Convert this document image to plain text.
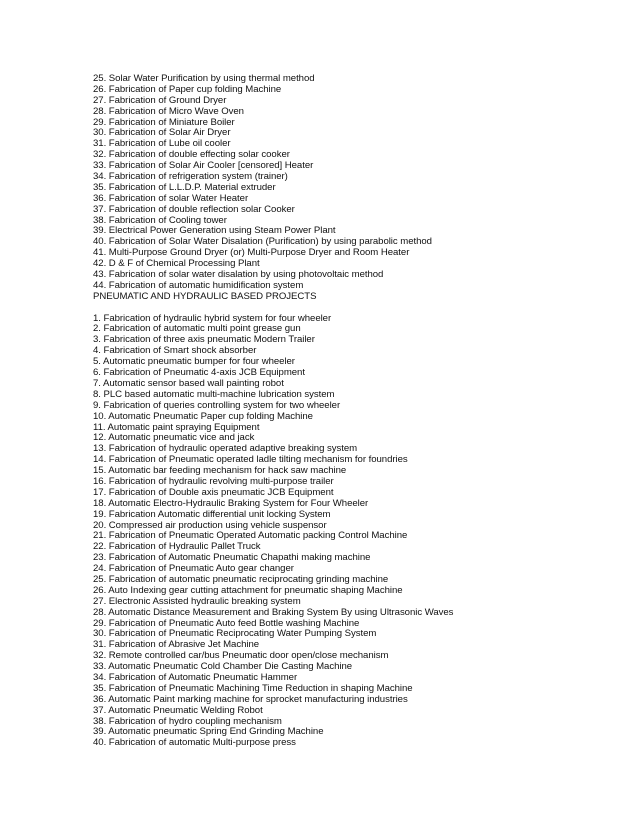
25. Solar Water Purification by using thermal method
26. Fabrication of Paper cup folding Machine
27. Fabrication of Ground Dryer
28. Fabrication of Micro Wave Oven
29. Fabrication of Miniature Boiler
30. Fabrication of Solar Air Dryer
31. Fabrication of Lube oil cooler
32. Fabrication of double effecting solar cooker
33. Fabrication of Solar Air Cooler [censored] Heater
34. Fabrication of refrigeration system (trainer)
35. Fabrication of L.L.D.P. Material extruder
36. Fabrication of solar Water Heater
37. Fabrication of double reflection solar Cooker
38. Fabrication of Cooling tower
39. Electrical Power Generation using Steam Power Plant
40. Fabrication of Solar Water Disalation (Purification) by using parabolic method
41. Multi-Purpose Ground Dryer (or) Multi-Purpose Dryer and Room Heater
42. D & F of Chemical Processing Plant
43. Fabrication of solar water disalation by using photovoltaic method
44. Fabrication of automatic humidification system
PNEUMATIC AND HYDRAULIC BASED PROJECTS
1. Fabrication of hydraulic hybrid system for four wheeler
2. Fabrication of automatic multi point grease gun
3. Fabrication of three axis pneumatic Modern Trailer
4. Fabrication of Smart shock absorber
5. Automatic pneumatic bumper for four wheeler
6. Fabrication of Pneumatic 4-axis JCB Equipment
7. Automatic sensor based wall painting robot
8. PLC based automatic multi-machine lubrication system
9. Fabrication of queries controlling system for two wheeler
10. Automatic Pneumatic Paper cup folding Machine
11. Automatic paint spraying Equipment
12. Automatic pneumatic vice and jack
13. Fabrication of hydraulic operated adaptive breaking system
14. Fabrication of Pneumatic operated ladle tilting mechanism for foundries
15. Automatic bar feeding mechanism for hack saw machine
16. Fabrication of hydraulic revolving multi-purpose trailer
17. Fabrication of Double axis pneumatic JCB Equipment
18. Automatic Electro-Hydraulic Braking System for Four Wheeler
19. Fabrication Automatic differential unit locking System
20. Compressed air production using vehicle suspensor
21. Fabrication of Pneumatic Operated Automatic packing Control Machine
22. Fabrication of Hydraulic Pallet Truck
23. Fabrication of Automatic Pneumatic Chapathi making machine
24. Fabrication of Pneumatic Auto gear changer
25. Fabrication of automatic pneumatic reciprocating grinding machine
26. Auto Indexing gear cutting attachment for pneumatic shaping Machine
27. Electronic Assisted hydraulic breaking system
28. Automatic Distance Measurement and Braking System By using Ultrasonic Waves
29. Fabrication of Pneumatic Auto feed Bottle washing Machine
30. Fabrication of Pneumatic Reciprocating Water Pumping System
31. Fabrication of Abrasive Jet Machine
32. Remote controlled car/bus Pneumatic door open/close mechanism
33. Automatic Pneumatic Cold Chamber Die Casting Machine
34. Fabrication of Automatic Pneumatic Hammer
35. Fabrication of Pneumatic Machining Time Reduction in shaping Machine
36. Automatic Paint marking machine for sprocket manufacturing industries
37. Automatic Pneumatic Welding Robot
38. Fabrication of hydro coupling mechanism
39. Automatic pneumatic Spring End Grinding Machine
40. Fabrication of automatic Multi-purpose press
